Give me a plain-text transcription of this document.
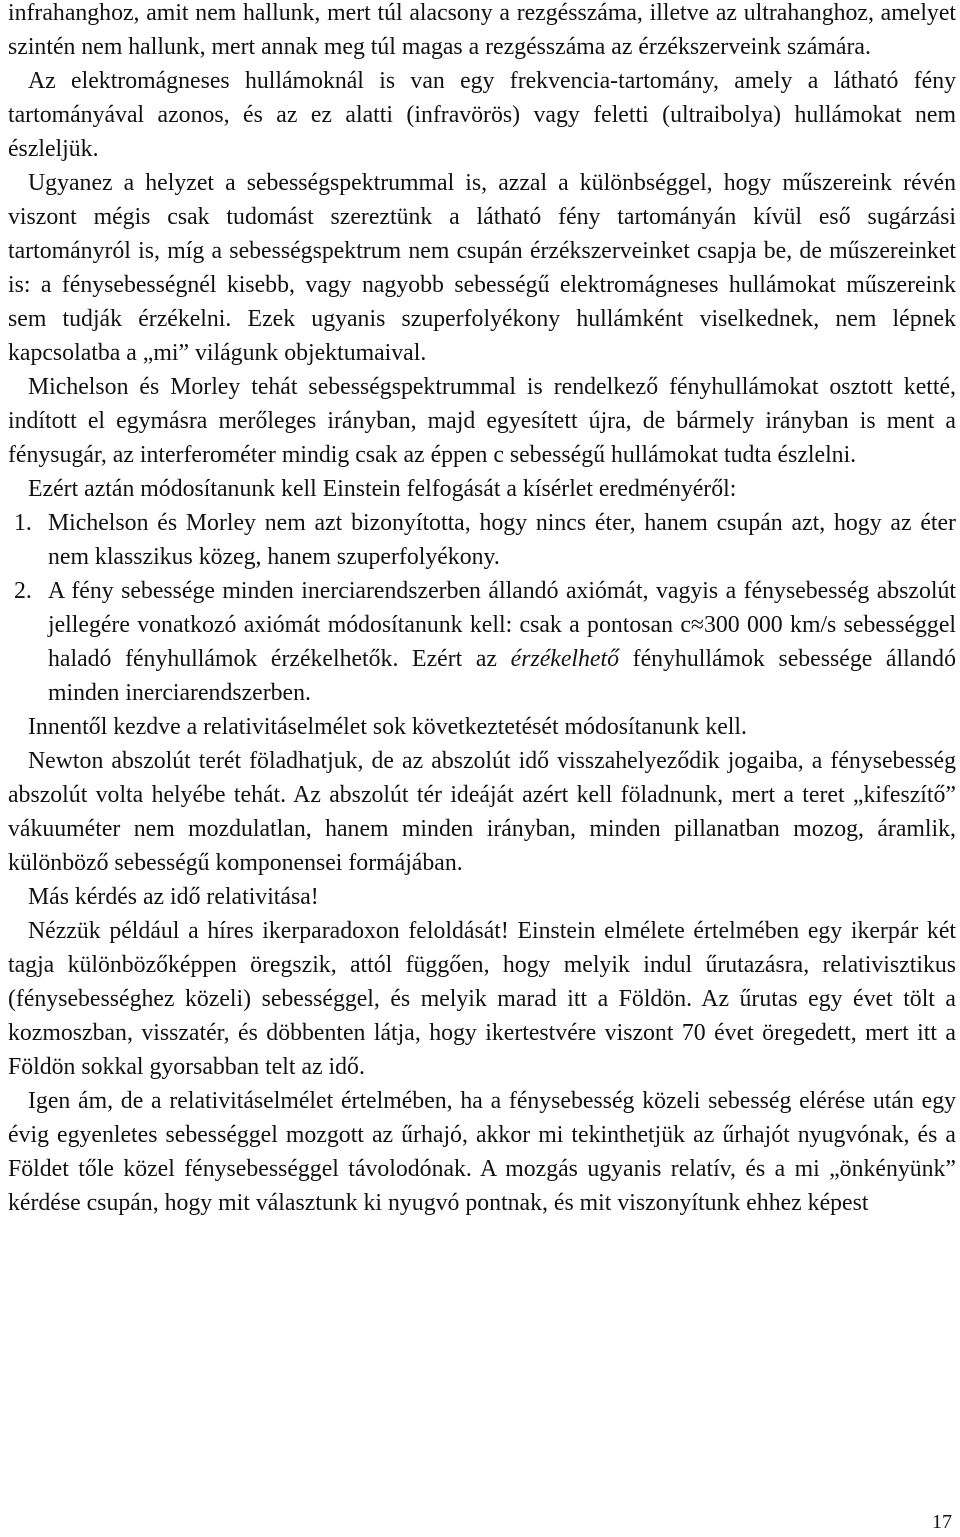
infrahanghoz, amit nem hallunk, mert túl alacsony a rezgésszáma, illetve az ultrahanghoz, amelyet szintén nem hallunk, mert annak meg túl magas a rezgésszáma az érzékszerveink számára.

Az elektromágneses hullámoknál is van egy frekvencia-tartomány, amely a látható fény tartományával azonos, és az ez alatti (infravörös) vagy feletti (ultraibolya) hullámokat nem észleljük.

Ugyanez a helyzet a sebességspektrummal is, azzal a különbséggel, hogy műszereink révén viszont mégis csak tudomást szereztünk a látható fény tartományán kívül eső sugárzási tartományról is, míg a sebességspektrum nem csupán érzékszerveinket csapja be, de műszereinket is: a fénysebességnél kisebb, vagy nagyobb sebességű elektromágneses hullámokat műszereink sem tudják érzékelni. Ezek ugyanis szuperfolyékony hullámként viselkednek, nem lépnek kapcsolatba a „mi” világunk objektumaival.

Michelson és Morley tehát sebességspektrummal is rendelkező fényhullámokat osztott ketté, indított el egymásra merőleges irányban, majd egyesített újra, de bármely irányban is ment a fénysugár, az interferométer mindig csak az éppen c sebességű hullámokat tudta észlelni.

Ezért aztán módosítanunk kell Einstein felfogását a kísérlet eredményéről:

1. Michelson és Morley nem azt bizonyította, hogy nincs éter, hanem csupán azt, hogy az éter nem klasszikus közeg, hanem szuperfolyékony.
2. A fény sebessége minden inerciarendszerben állandó axiómát, vagyis a fénysebesség abszolút jellegére vonatkozó axiómát módosítanunk kell: csak a pontosan c≈300 000 km/s sebességgel haladó fényhullámok érzékelhetők. Ezért az érzékelhető fényhullámok sebessége állandó minden inerciarendszerben.

Innentől kezdve a relativitáselmélet sok következtetését módosítanunk kell.

Newton abszolút terét föladhatjuk, de az abszolút idő visszahelyeződik jogaiba, a fénysebesség abszolút volta helyébe tehát. Az abszolút tér ideáját azért kell föladnunk, mert a teret „kifeszítő” vákuuméter nem mozdulatlan, hanem minden irányban, minden pillanatban mozog, áramlik, különböző sebességű komponensei formájában.

Más kérdés az idő relativitása!

Nézzük például a híres ikerparadoxon feloldását! Einstein elmélete értelmében egy ikerpár két tagja különbözőképpen öregszik, attól függően, hogy melyik indul űrutazásra, relativisztikus (fénysebességhez közeli) sebességgel, és melyik marad itt a Földön. Az űrutas egy évet tölt a kozmoszban, visszatér, és döbbenten látja, hogy ikertestvére viszont 70 évet öregedett, mert itt a Földön sokkal gyorsabban telt az idő.

Igen ám, de a relativitáselmélet értelmében, ha a fénysebesség közeli sebesség elérése után egy évig egyenletes sebességgel mozgott az űrhajó, akkor mi tekinthetjük az űrhajót nyugvónak, és a Földet tőle közel fénysebességgel távolodónak. A mozgás ugyanis relatív, és a mi „önkényünk” kérdése csupán, hogy mit választunk ki nyugvó pontnak, és mit viszonyítunk ehhez képest

17
